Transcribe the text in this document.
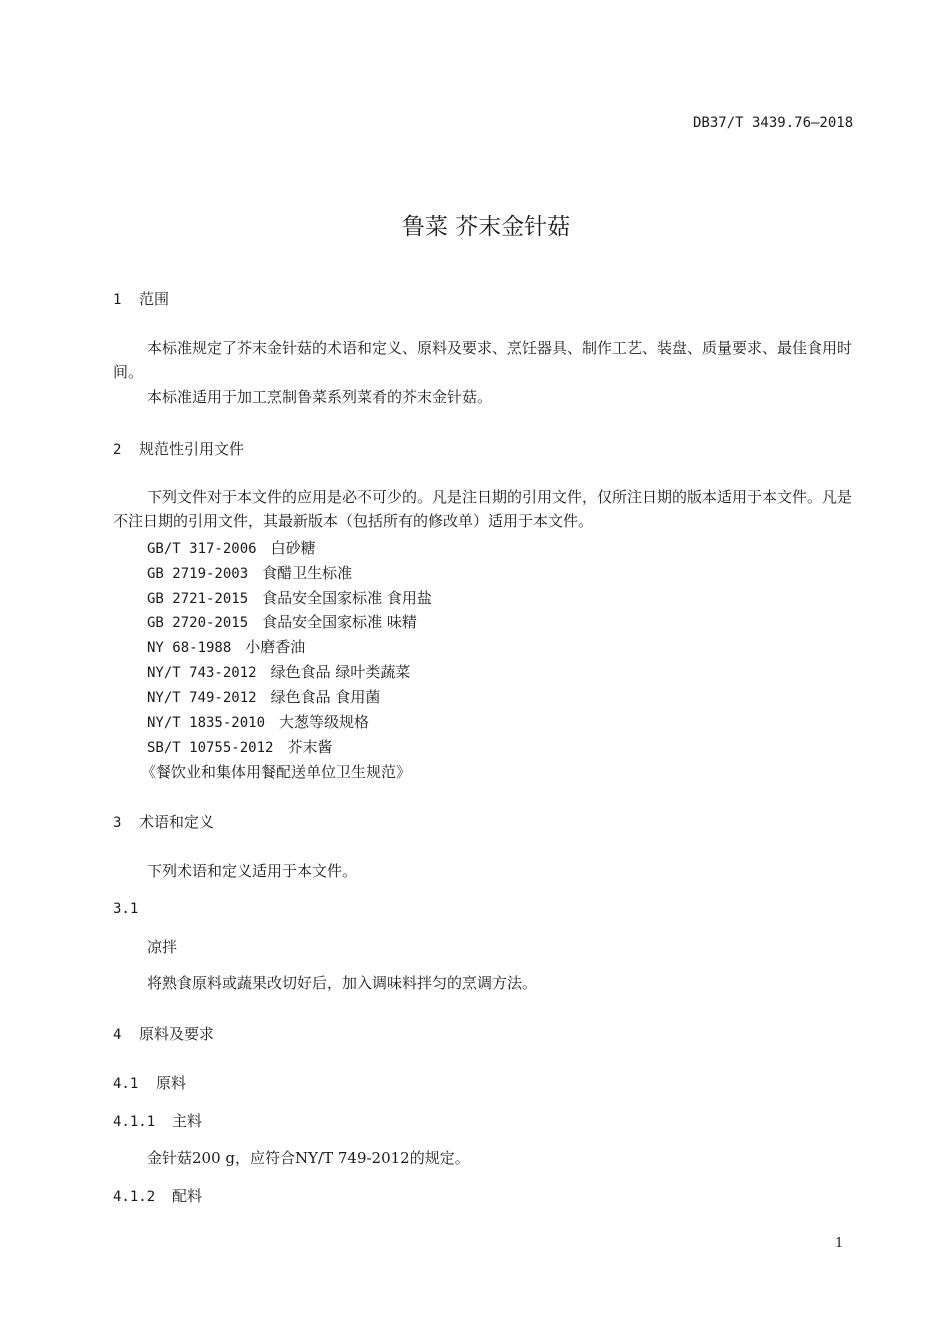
DB37/T 3439.76—2018
鲁菜 芥末金针菇
1 范围
本标准规定了芥末金针菇的术语和定义、原料及要求、烹饪器具、制作工艺、装盘、质量要求、最佳食用时间。
本标准适用于加工烹制鲁菜系列菜肴的芥末金针菇。
2 规范性引用文件
下列文件对于本文件的应用是必不可少的。凡是注日期的引用文件，仅所注日期的版本适用于本文件。凡是不注日期的引用文件，其最新版本（包括所有的修改单）适用于本文件。
GB/T 317-2006 白砂糖
GB 2719-2003 食醋卫生标准
GB 2721-2015 食品安全国家标准 食用盐
GB 2720-2015 食品安全国家标准 味精
NY 68-1988 小磨香油
NY/T 743-2012 绿色食品 绿叶类蔬菜
NY/T 749-2012 绿色食品 食用菌
NY/T 1835-2010 大葱等级规格
SB/T 10755-2012 芥末酱
《餐饮业和集体用餐配送单位卫生规范》
3 术语和定义
下列术语和定义适用于本文件。
3.1
凉拌
将熟食原料或蔬果改切好后，加入调味料拌匀的烹调方法。
4 原料及要求
4.1 原料
4.1.1 主料
金针菇200 g，应符合NY/T 749-2012的规定。
4.1.2 配料
1
